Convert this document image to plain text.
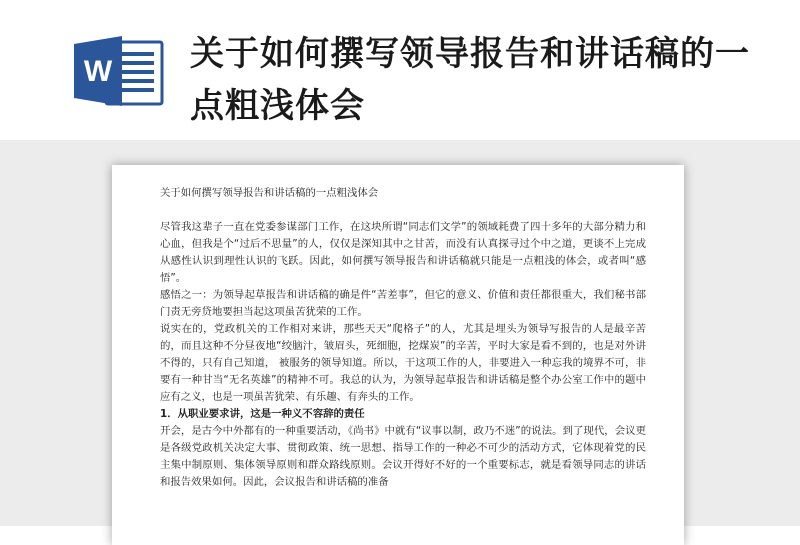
W 关于如何撰写领导报告和讲话稿的一点粗浅体会
关于如何撰写领导报告和讲话稿的一点粗浅体会

尽管我这辈子一直在党委参谋部门工作，在这块所谓“同志们文学”的领域耗费了四十多年的大部分精力和心血，但我是个“过后不思量”的人，仅仅是深知其中之甘苦，而没有认真探寻过个中之道，更谈不上完成从感性认识到理性认识的飞跃。因此，如何撰写领导报告和讲话稿就只能是一点粗浅的体会，或者叫“感悟”。

感悟之一：为领导起草报告和讲话稿的确是件“苦差事”，但它的意义、价值和责任都很重大，我们秘书部门责无旁贷地要担当起这项虽苦犹荣的工作。

说实在的，党政机关的工作相对来讲，那些天天“爬格子”的人，尤其是埋头为领导写报告的人是最辛苦的，而且这种不分昼夜地“绞脑汁，皱眉头，死细胞，挖煤炭”的辛苦，平时大家是看不到的，也是对外讲不得的，只有自己知道， 被服务的领导知道。所以，干这项工作的人，非要进入一种忘我的境界不可，非要有一种甘当“无名英雄”的精神不可。我总的认为，为领导起草报告和讲话稿是整个办公室工作中的题中应有之义，也是一项虽苦犹荣、有乐趣、有奔头的工作。

1．从职业要求讲，这是一种义不容辞的责任

开会，是古今中外都有的一种重要活动，《尚书》中就有“议事以制，政乃不迷”的说法。到了现代，会议更是各级党政机关决定大事、贯彻政策、统一思想、指导工作的一种必不可少的活动方式，它体现着党的民主集中制原则、集体领导原则和群众路线原则。会议开得好不好的一个重要标志，就是看领导同志的讲话和报告效果如何。因此，会议报告和讲话稿的准备
